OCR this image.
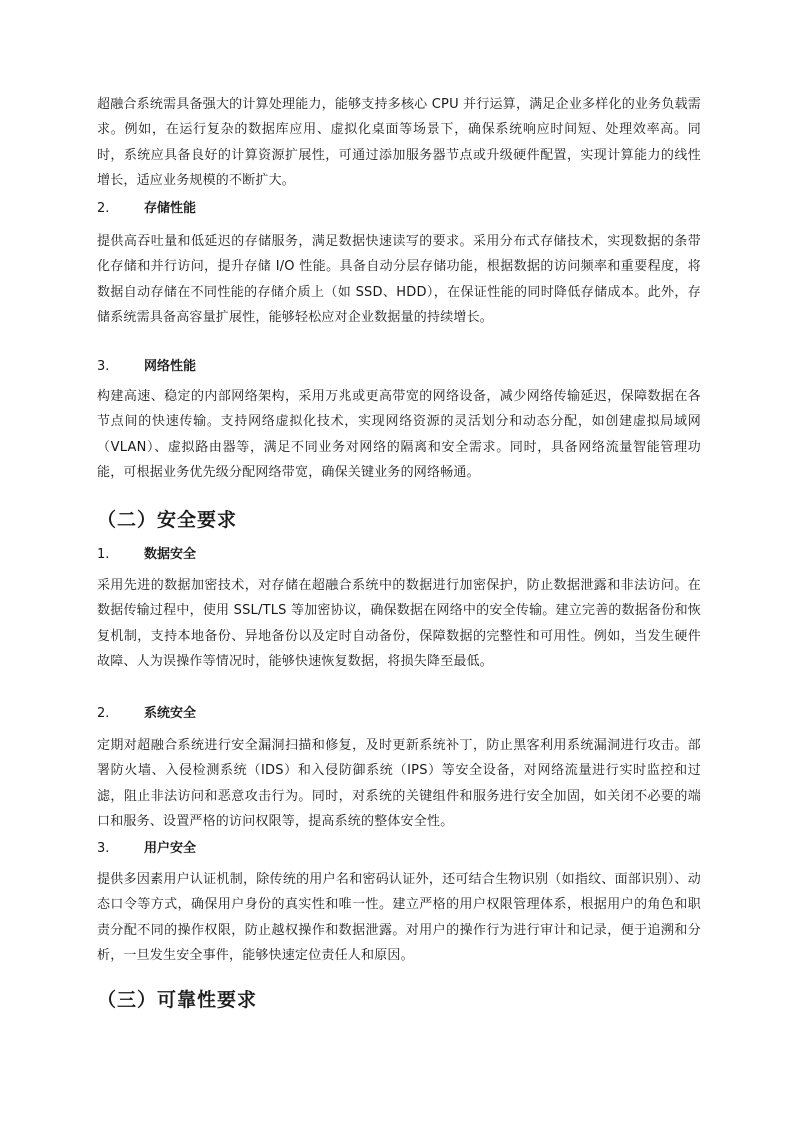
超融合系统需具备强大的计算处理能力，能够支持多核心 CPU 并行运算，满足企业多样化的业务负载需求。例如，在运行复杂的数据库应用、虚拟化桌面等场景下，确保系统响应时间短、处理效率高。同时，系统应具备良好的计算资源扩展性，可通过添加服务器节点或升级硬件配置，实现计算能力的线性增长，适应业务规模的不断扩大。
2.	存储性能
提供高吞吐量和低延迟的存储服务，满足数据快速读写的要求。采用分布式存储技术，实现数据的条带化存储和并行访问，提升存储 I/O 性能。具备自动分层存储功能，根据数据的访问频率和重要程度，将数据自动存储在不同性能的存储介质上（如 SSD、HDD），在保证性能的同时降低存储成本。此外，存储系统需具备高容量扩展性，能够轻松应对企业数据量的持续增长。
3.	网络性能
构建高速、稳定的内部网络架构，采用万兆或更高带宽的网络设备，减少网络传输延迟，保障数据在各节点间的快速传输。支持网络虚拟化技术，实现网络资源的灵活划分和动态分配，如创建虚拟局域网（VLAN）、虚拟路由器等，满足不同业务对网络的隔离和安全需求。同时，具备网络流量智能管理功能，可根据业务优先级分配网络带宽，确保关键业务的网络畅通。
（二）安全要求
1.	数据安全
采用先进的数据加密技术，对存储在超融合系统中的数据进行加密保护，防止数据泄露和非法访问。在数据传输过程中，使用 SSL/TLS 等加密协议，确保数据在网络中的安全传输。建立完善的数据备份和恢复机制，支持本地备份、异地备份以及定时自动备份，保障数据的完整性和可用性。例如，当发生硬件故障、人为误操作等情况时，能够快速恢复数据，将损失降至最低。
2.	系统安全
定期对超融合系统进行安全漏洞扫描和修复，及时更新系统补丁，防止黑客利用系统漏洞进行攻击。部署防火墙、入侵检测系统（IDS）和入侵防御系统（IPS）等安全设备，对网络流量进行实时监控和过滤，阻止非法访问和恶意攻击行为。同时，对系统的关键组件和服务进行安全加固，如关闭不必要的端口和服务、设置严格的访问权限等，提高系统的整体安全性。
3.	用户安全
提供多因素用户认证机制，除传统的用户名和密码认证外，还可结合生物识别（如指纹、面部识别）、动态口令等方式，确保用户身份的真实性和唯一性。建立严格的用户权限管理体系，根据用户的角色和职责分配不同的操作权限，防止越权操作和数据泄露。对用户的操作行为进行审计和记录，便于追溯和分析，一旦发生安全事件，能够快速定位责任人和原因。
（三）可靠性要求
